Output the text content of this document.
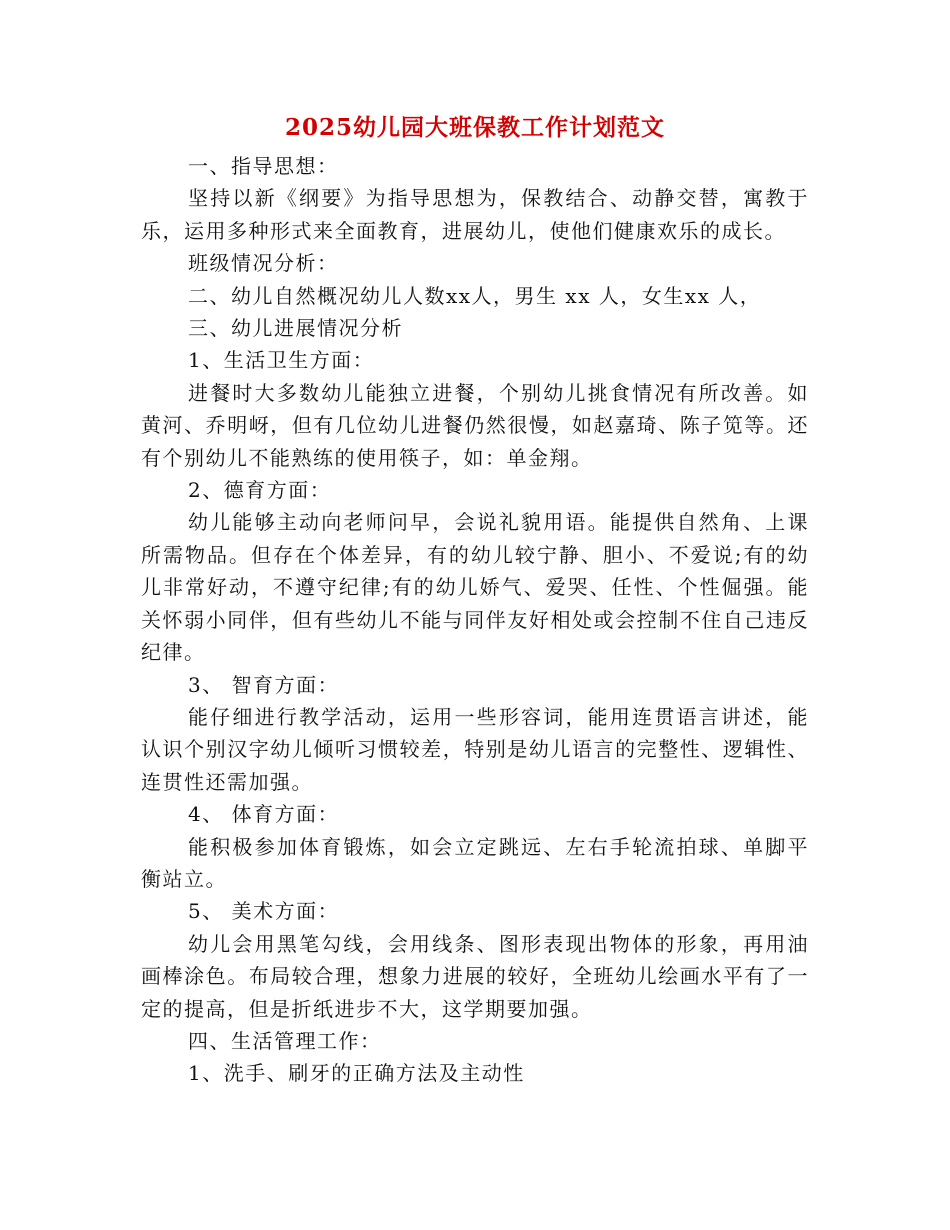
2025幼儿园大班保教工作计划范文

一、指导思想：

坚持以新《纲要》为指导思想为，保教结合、动静交替，寓教于乐，运用多种形式来全面教育，进展幼儿，使他们健康欢乐的成长。

班级情况分析：

二、幼儿自然概况幼儿人数xx人，男生 xx 人，女生xx 人，

三、幼儿进展情况分析

1、生活卫生方面：

进餐时大多数幼儿能独立进餐，个别幼儿挑食情况有所改善。如黄河、乔明岈，但有几位幼儿进餐仍然很慢，如赵嘉琦、陈子笕等。还有个别幼儿不能熟练的使用筷子，如：单金翔。

2、德育方面：

幼儿能够主动向老师问早，会说礼貌用语。能提供自然角、上课所需物品。但存在个体差异，有的幼儿较宁静、胆小、不爱说;有的幼儿非常好动，不遵守纪律;有的幼儿娇气、爱哭、任性、个性倔强。能关怀弱小同伴，但有些幼儿不能与同伴友好相处或会控制不住自己违反纪律。

3、 智育方面：

能仔细进行教学活动，运用一些形容词，能用连贯语言讲述，能认识个别汉字幼儿倾听习惯较差，特别是幼儿语言的完整性、逻辑性、连贯性还需加强。

4、 体育方面：

能积极参加体育锻炼，如会立定跳远、左右手轮流拍球、单脚平衡站立。

5、 美术方面：

幼儿会用黑笔勾线，会用线条、图形表现出物体的形象，再用油画棒涂色。布局较合理，想象力进展的较好，全班幼儿绘画水平有了一定的提高，但是折纸进步不大，这学期要加强。

四、生活管理工作：

1、洗手、刷牙的正确方法及主动性
